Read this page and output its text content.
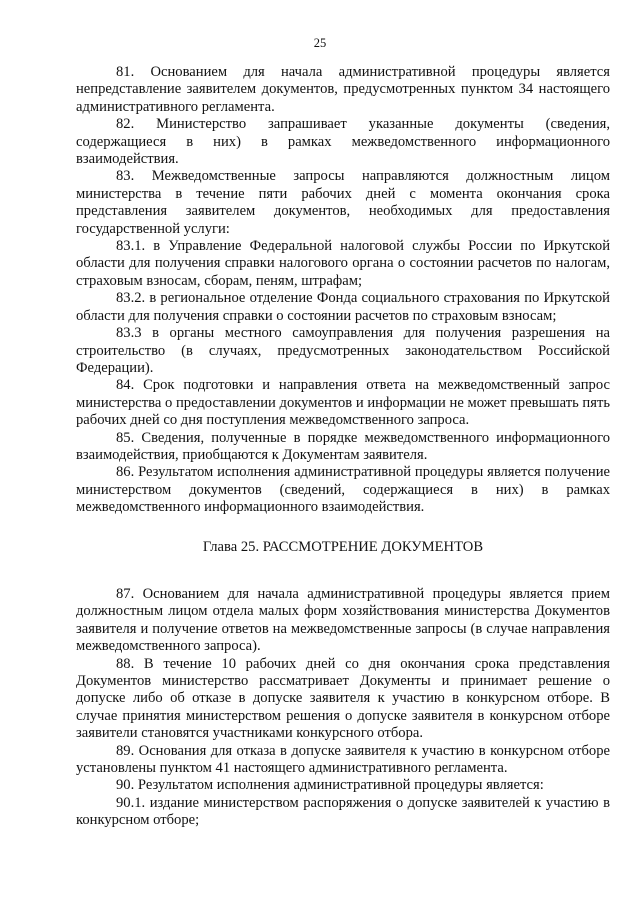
25

81. Основанием для начала административной процедуры является непредставление заявителем документов, предусмотренных пунктом 34 настоящего административного регламента.

82. Министерство запрашивает указанные документы (сведения, содержащиеся в них) в рамках межведомственного информационного взаимодействия.

83. Межведомственные запросы направляются должностным лицом министерства в течение пяти рабочих дней с момента окончания срока представления заявителем документов, необходимых для предоставления государственной услуги:

83.1. в Управление Федеральной налоговой службы России по Иркутской области для получения справки налогового органа о состоянии расчетов по налогам, страховым взносам, сборам, пеням, штрафам;

83.2. в региональное отделение Фонда социального страхования по Иркутской области для получения справки о состоянии расчетов по страховым взносам;

83.3 в органы местного самоуправления для получения разрешения на строительство (в случаях, предусмотренных законодательством Российской Федерации).

84. Срок подготовки и направления ответа на межведомственный запрос министерства о предоставлении документов и информации не может превышать пять рабочих дней со дня поступления межведомственного запроса.

85. Сведения, полученные в порядке межведомственного информационного взаимодействия, приобщаются к Документам заявителя.

86. Результатом исполнения административной процедуры является получение министерством документов (сведений, содержащиеся в них) в рамках межведомственного информационного взаимодействия.

Глава 25. РАССМОТРЕНИЕ ДОКУМЕНТОВ

87. Основанием для начала административной процедуры является прием должностным лицом отдела малых форм хозяйствования министерства Документов заявителя и получение ответов на межведомственные запросы (в случае направления межведомственного запроса).

88. В течение 10 рабочих дней со дня окончания срока представления Документов министерство рассматривает Документы и принимает решение о допуске либо об отказе в допуске заявителя к участию в конкурсном отборе. В случае принятия министерством решения о допуске заявителя в конкурсном отборе заявители становятся участниками конкурсного отбора.

89. Основания для отказа в допуске заявителя к участию в конкурсном отборе установлены пунктом 41 настоящего административного регламента.

90. Результатом исполнения административной процедуры является:

90.1. издание министерством распоряжения о допуске заявителей к участию в конкурсном отборе;
